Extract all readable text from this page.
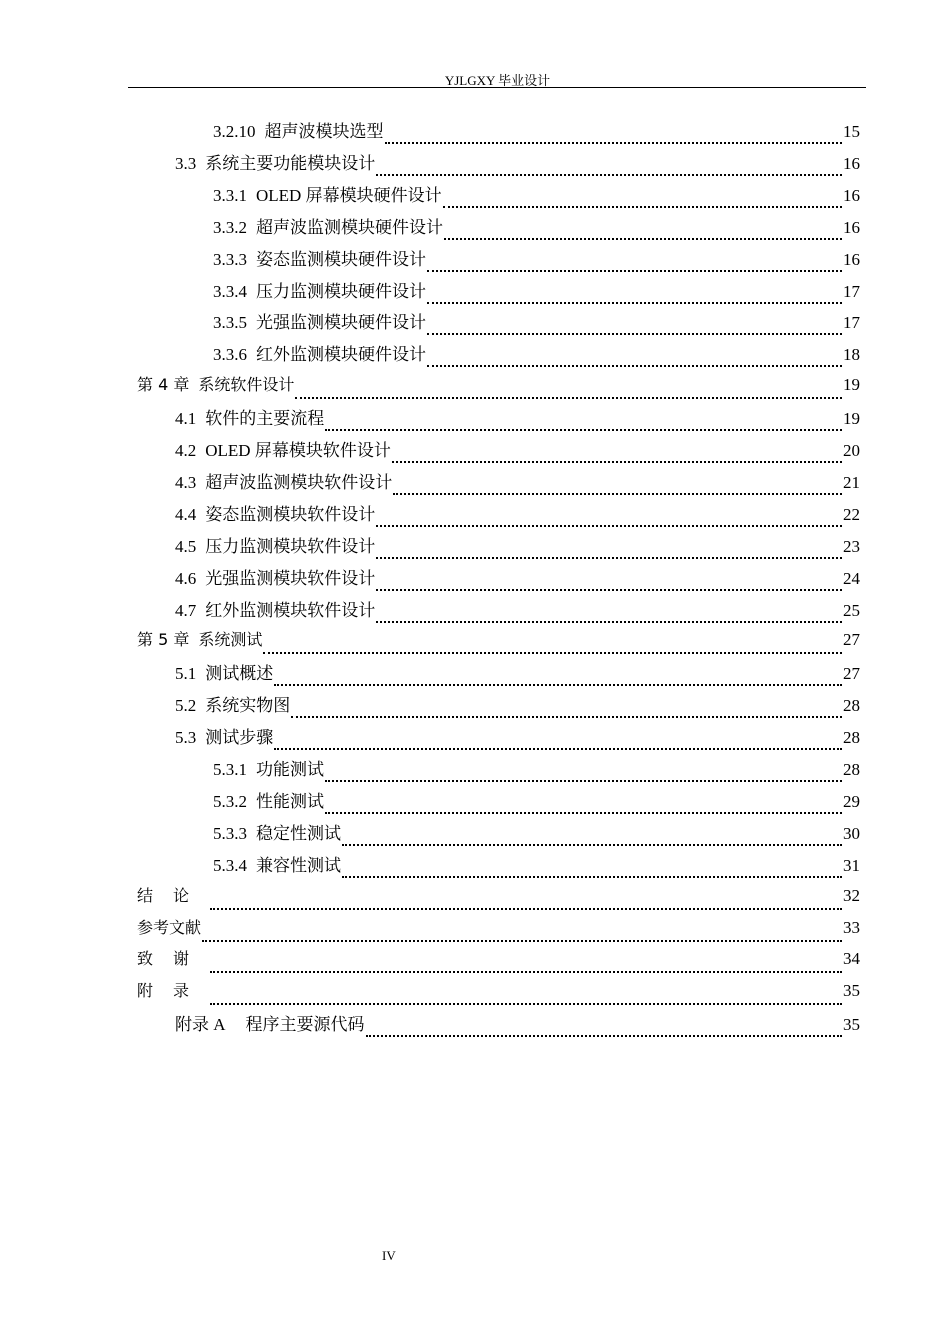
YJLGXY 毕业设计
3.2.10 超声波模块选型	15
3.3 系统主要功能模块设计	16
3.3.1 OLED 屏幕模块硬件设计	16
3.3.2 超声波监测模块硬件设计	16
3.3.3 姿态监测模块硬件设计	16
3.3.4 压力监测模块硬件设计	17
3.3.5 光强监测模块硬件设计	17
3.3.6 红外监测模块硬件设计	18
第 4 章 系统软件设计	19
4.1 软件的主要流程	19
4.2 OLED 屏幕模块软件设计	20
4.3 超声波监测模块软件设计	21
4.4 姿态监测模块软件设计	22
4.5 压力监测模块软件设计	23
4.6 光强监测模块软件设计	24
4.7 红外监测模块软件设计	25
第 5 章 系统测试	27
5.1 测试概述	27
5.2 系统实物图	28
5.3 测试步骤	28
5.3.1 功能测试	28
5.3.2 性能测试	29
5.3.3 稳定性测试	30
5.3.4 兼容性测试	31
结论	32
参考文献	33
致谢	34
附录	35
附录 A 程序主要源代码	35
IV
